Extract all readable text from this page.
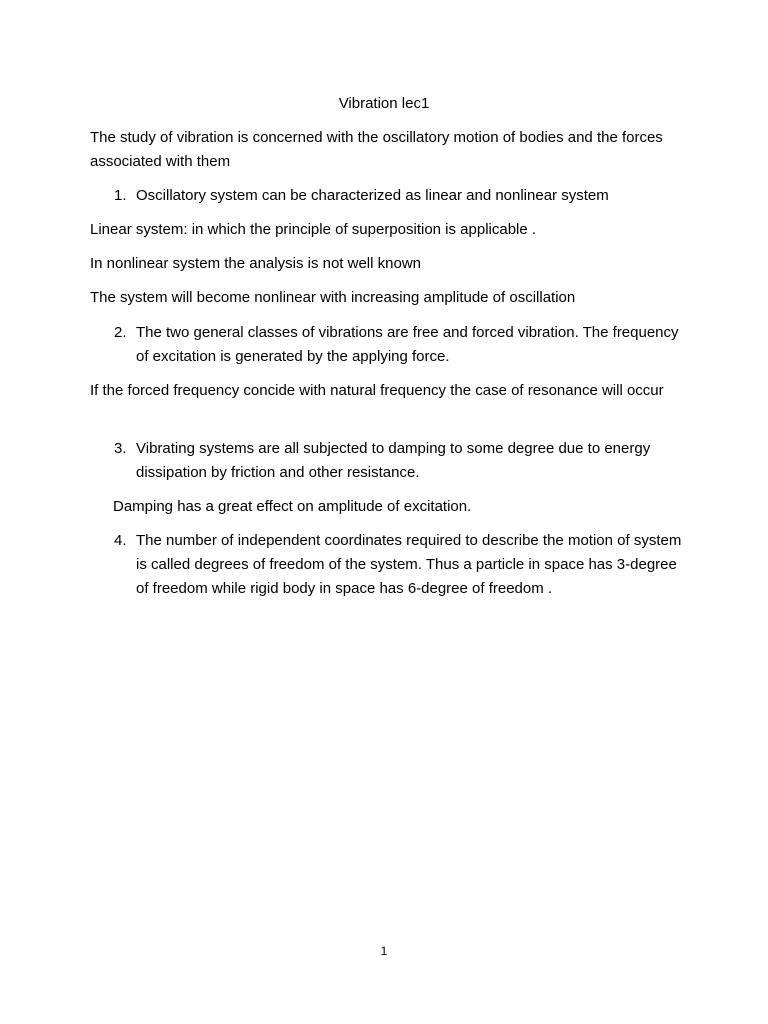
Vibration lec1

The study of vibration is concerned with the oscillatory motion of bodies and the forces associated with them

1. Oscillatory system can be characterized as linear and nonlinear system

Linear system: in which the principle of superposition is applicable .

In nonlinear system the analysis is not well known

The system will become nonlinear with increasing amplitude of oscillation

2. The two general classes of vibrations are free and forced vibration. The frequency of excitation is generated by the applying force.

If the forced frequency concide with natural frequency the case of resonance will occur

3. Vibrating systems are all subjected to damping to some degree due to energy dissipation by friction and other resistance.
Damping has a great effect on amplitude of excitation.
4. The number of independent coordinates required to describe the motion of system is called degrees of freedom of the system. Thus a particle in space has 3-degree of freedom while rigid body in space has 6-degree of freedom .
1
